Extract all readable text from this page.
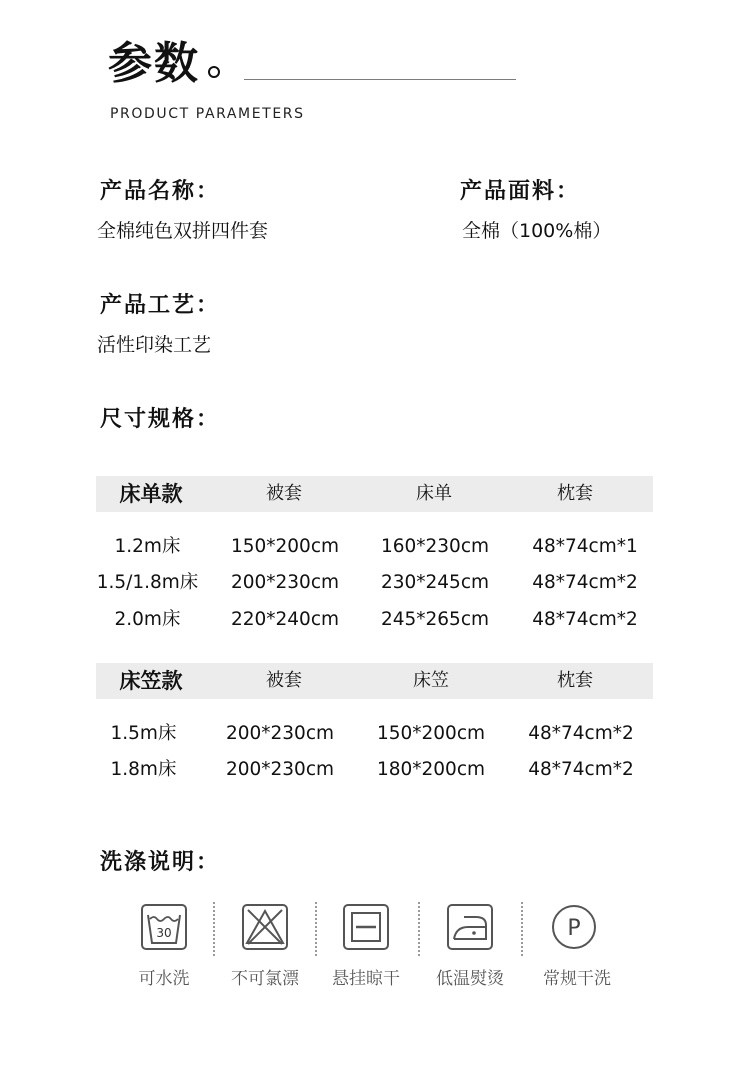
参数
PRODUCT PARAMETERS
产品名称：
全棉纯色双拼四件套
产品面料：
全棉（100%棉）
产品工艺：
活性印染工艺
尺寸规格：
床单款	被套	床单	枕套
1.2m床	150*200cm	160*230cm	48*74cm*1
1.5/1.8m床	200*230cm	230*245cm	48*74cm*2
2.0m床	220*240cm	245*265cm	48*74cm*2
床笠款	被套	床笠	枕套
1.5m床	200*230cm	150*200cm	48*74cm*2
1.8m床	200*230cm	180*200cm	48*74cm*2
洗涤说明：
30
可水洗	不可氯漂	悬挂晾干	低温熨烫
P
常规干洗
